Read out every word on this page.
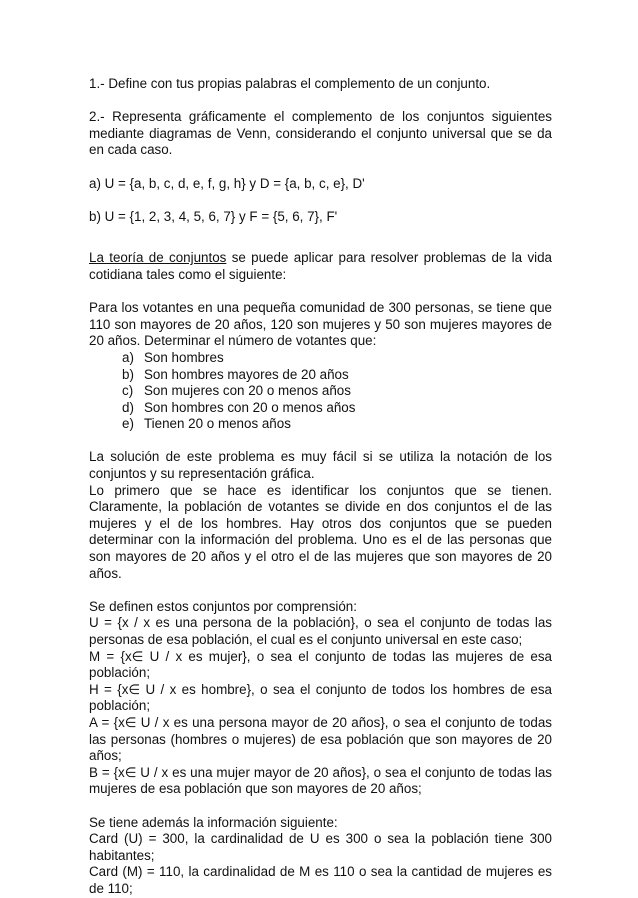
1.- Define con tus propias palabras el complemento de un conjunto.

2.- Representa gráficamente el complemento de los conjuntos siguientes mediante diagramas de Venn, considerando el conjunto universal que se da en cada caso.

a) U = {a, b, c, d, e, f, g, h} y D = {a, b, c, e}, D'

b) U = {1, 2, 3, 4, 5, 6, 7} y F = {5, 6, 7}, F'

La teoría de conjuntos se puede aplicar para resolver problemas de la vida cotidiana tales como el siguiente:

Para los votantes en una pequeña comunidad de 300 personas, se tiene que 110 son mayores de 20 años, 120 son mujeres y 50 son mujeres mayores de 20 años. Determinar el número de votantes que:

a) Son hombres
b) Son hombres mayores de 20 años
c) Son mujeres con 20 o menos años
d) Son hombres con 20 o menos años
e) Tienen 20 o menos años

La solución de este problema es muy fácil si se utiliza la notación de los conjuntos y su representación gráfica.

Lo primero que se hace es identificar los conjuntos que se tienen. Claramente, la población de votantes se divide en dos conjuntos el de las mujeres y el de los hombres. Hay otros dos conjuntos que se pueden determinar con la información del problema. Uno es el de las personas que son mayores de 20 años y el otro el de las mujeres que son mayores de 20 años.

Se definen estos conjuntos por comprensión:

U = {x / x es una persona de la población}, o sea el conjunto de todas las personas de esa población, el cual es el conjunto universal en este caso;

M = {x∈ U / x es mujer}, o sea el conjunto de todas las mujeres de esa población;

H = {x∈ U / x es hombre}, o sea el conjunto de todos los hombres de esa población;

A = {x∈ U / x es una persona mayor de 20 años}, o sea el conjunto de todas las personas (hombres o mujeres) de esa población que son mayores de 20 años;

B = {x∈ U / x es una mujer mayor de 20 años}, o sea el conjunto de todas las mujeres de esa población que son mayores de 20 años;

Se tiene además la información siguiente:

Card (U) = 300, la cardinalidad de U es 300 o sea la población tiene 300 habitantes;

Card (M) = 110, la cardinalidad de M es 110 o sea la cantidad de mujeres es de 110;
